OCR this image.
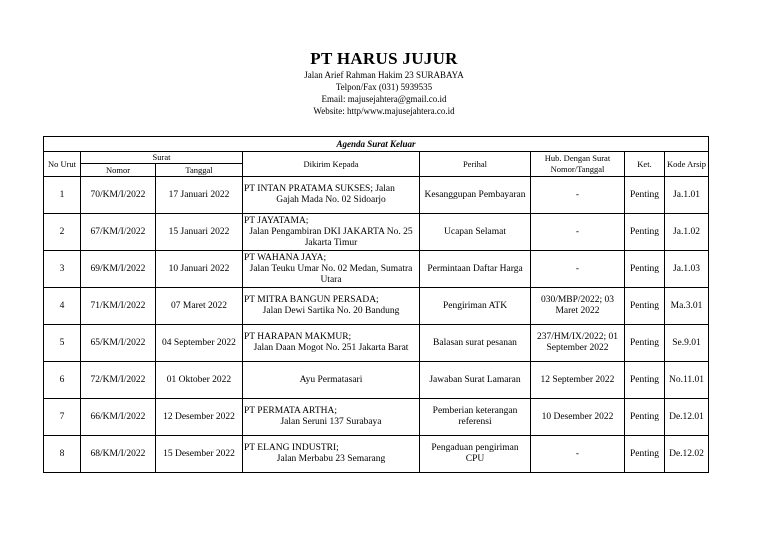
PT HARUS JUJUR
Jalan Arief Rahman Hakim 23 SURABAYA
Telpon/Fax (031) 5939535
Email: majusejahtera@gmail.co.id
Website: http/www.majusejahtera.co.id
Agenda Surat Keluar							
No Urut	Surat		Dikirim Kepada	Perihal	Hub. Dengan Surat Nomor/Tanggal	Ket.	Kode Arsip
	Nomor	Tanggal					
1	70/KM/I/2022	17 Januari 2022	PT INTAN PRATAMA SUKSES; Jalan
Gajah Mada No. 02 Sidoarjo	Kesanggupan Pembayaran	-	Penting	Ja.1.01
2	67/KM/I/2022	15 Januari 2022	PT JAYATAMA;
Jalan Pengambiran DKI JAKARTA No. 25 Jakarta Timur	Ucapan Selamat	-	Penting	Ja.1.02
3	69/KM/I/2022	10 Januari 2022	PT WAHANA JAYA;
Jalan Teuku Umar No. 02 Medan, Sumatra Utara	Permintaan Daftar Harga	-	Penting	Ja.1.03
4	71/KM/I/2022	07 Maret 2022	PT MITRA BANGUN PERSADA;
Jalan Dewi Sartika No. 20 Bandung	Pengiriman ATK	030/MBP/2022; 03 Maret 2022	Penting	Ma.3.01
5	65/KM/I/2022	04 September 2022	PT HARAPAN MAKMUR;
Jalan Daan Mogot No. 251 Jakarta Barat	Balasan surat pesanan	237/HM/IX/2022; 01 September 2022	Penting	Se.9.01
6	72/KM/I/2022	01 Oktober 2022	Ayu Permatasari	Jawaban Surat Lamaran	12 September 2022	Penting	No.11.01
7	66/KM/I/2022	12 Desember 2022	PT PERMATA ARTHA;
Jalan Seruni 137 Surabaya	Pemberian keterangan referensi	10 Desember 2022	Penting	De.12.01
8	68/KM/I/2022	15 Desember 2022	PT ELANG INDUSTRI;
Jalan Merbabu 23 Semarang	Pengaduan pengiriman CPU	-	Penting	De.12.02
